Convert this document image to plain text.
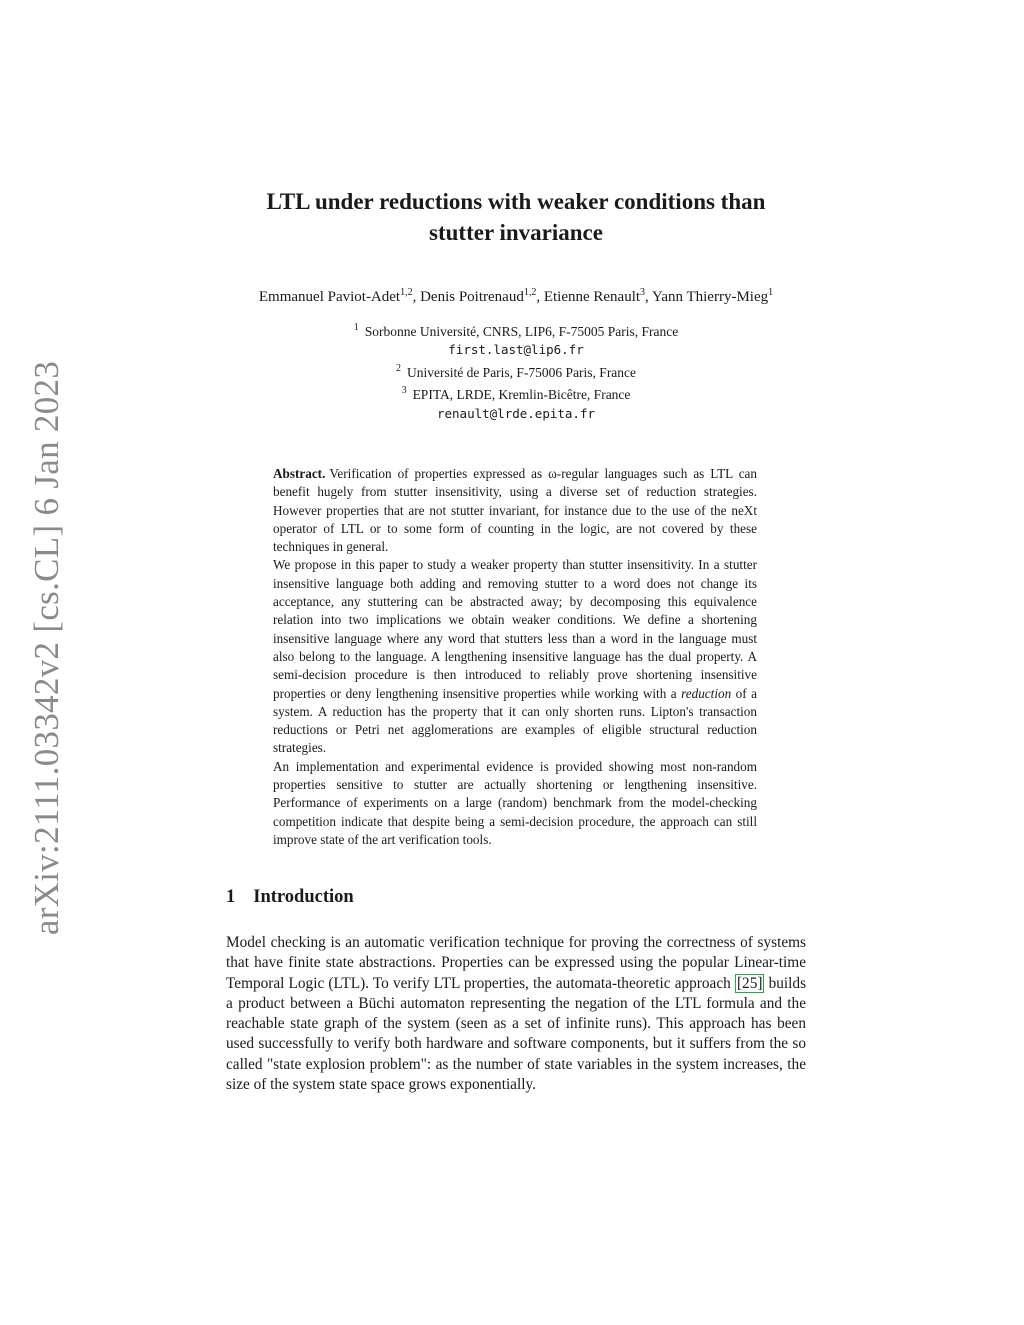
arXiv:2111.03342v2 [cs.CL] 6 Jan 2023
LTL under reductions with weaker conditions than
stutter invariance
Emmanuel Paviot-Adet$^{1,2}$, Denis Poitrenaud$^{1,2}$, Etienne Renault$^3$, Yann Thierry-Mieg$^1$
$^1$ Sorbonne Université, CNRS, LIP6, F-75005 Paris, France
first.last@lip6.fr
$^2$ Université de Paris, F-75006 Paris, France
$^3$ EPITA, LRDE, Kremlin-Bicêtre, France
renault@lrde.epita.fr

Abstract. Verification of properties expressed as ω-regular languages such as LTL can benefit hugely from stutter insensitivity, using a diverse set of reduction strategies. However properties that are not stutter invariant, for instance due to the use of the neXt operator of LTL or to some form of counting in the logic, are not covered by these techniques in general.

We propose in this paper to study a weaker property than stutter insensitivity. In a stutter insensitive language both adding and removing stutter to a word does not change its acceptance, any stuttering can be abstracted away; by decomposing this equivalence relation into two implications we obtain weaker conditions. We define a shortening insensitive language where any word that stutters less than a word in the language must also belong to the language. A lengthening insensitive language has the dual property. A semi-decision procedure is then introduced to reliably prove shortening insensitive properties or deny lengthening insensitive properties while working with a reduction of a system. A reduction has the property that it can only shorten runs. Lipton's transaction reductions or Petri net agglomerations are examples of eligible structural reduction strategies.

An implementation and experimental evidence is provided showing most non-random properties sensitive to stutter are actually shortening or lengthening insensitive. Performance of experiments on a large (random) benchmark from the model-checking competition indicate that despite being a semi-decision procedure, the approach can still improve state of the art verification tools.

1 Introduction

Model checking is an automatic verification technique for proving the correctness of systems that have finite state abstractions. Properties can be expressed using the popular Linear-time Temporal Logic (LTL). To verify LTL properties, the automata-theoretic approach [25] builds a product between a Büchi automaton representing the negation of the LTL formula and the reachable state graph of the system (seen as a set of infinite runs). This approach has been used successfully to verify both hardware and software components, but it suffers from the so called "state explosion problem": as the number of state variables in the system increases, the size of the system state space grows exponentially.
